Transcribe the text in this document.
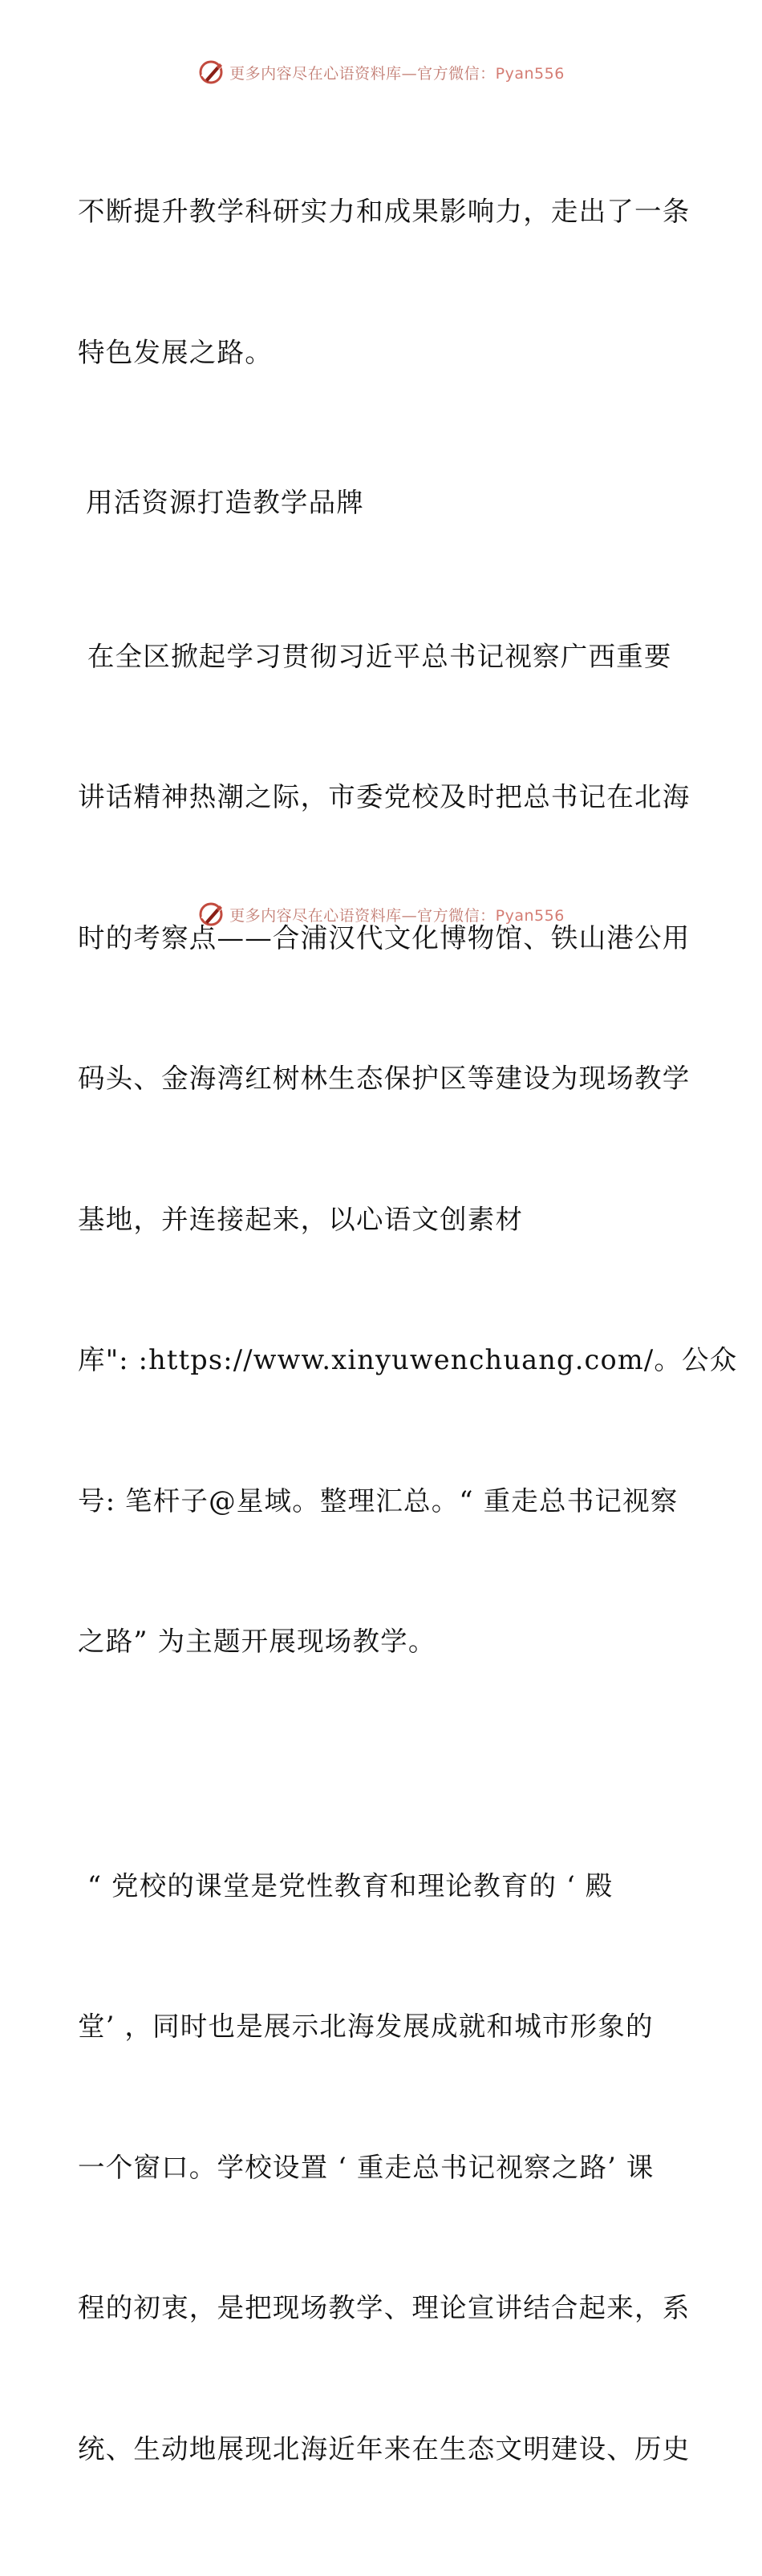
更多内容尽在心语资料库—官方微信：Pyan556

不断提升教学科研实力和成果影响力，走出了一条

特色发展之路。

用活资源打造教学品牌

在全区掀起学习贯彻习近平总书记视察广西重要

讲话精神热潮之际，市委党校及时把总书记在北海

时的考察点——合浦汉代文化博物馆、铁山港公用

码头、金海湾红树林生态保护区等建设为现场教学

基地，并连接起来，以心语文创素材

库": :https://www.xinyuwenchuang.com/。公众

号: 笔杆子@星域。整理汇总。“ 重走总书记视察

之路” 为主题开展现场教学。

“ 党校的课堂是党性教育和理论教育的 ‘ 殿

堂’ ，同时也是展示北海发展成就和城市形象的

一个窗口。学校设置 ‘ 重走总书记视察之路’ 课

程的初衷，是把现场教学、理论宣讲结合起来，系

统、生动地展现北海近年来在生态文明建设、历史

更多内容尽在心语资料库—官方微信：Pyan556
